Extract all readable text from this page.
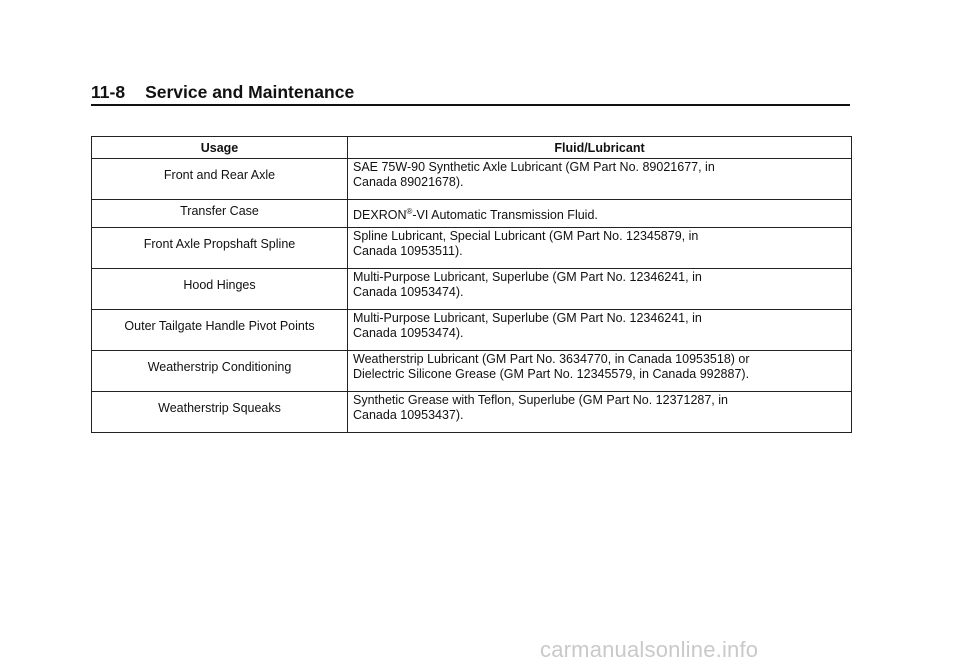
11-8 Service and Maintenance
Usage	Fluid/Lubricant
Front and Rear Axle	SAE 75W-90 Synthetic Axle Lubricant (GM Part No. 89021677, in
Canada 89021678).

Transfer Case	DEXRON®-VI Automatic Transmission Fluid.
Front Axle Propshaft Spline	Spline Lubricant, Special Lubricant (GM Part No. 12345879, in
Canada 10953511).

Hood Hinges	Multi-Purpose Lubricant, Superlube (GM Part No. 12346241, in
Canada 10953474).

Outer Tailgate Handle Pivot Points	Multi-Purpose Lubricant, Superlube (GM Part No. 12346241, in
Canada 10953474).

Weatherstrip Conditioning	Weatherstrip Lubricant (GM Part No. 3634770, in Canada 10953518) or
Dielectric Silicone Grease (GM Part No. 12345579, in Canada 992887).

Weatherstrip Squeaks	Synthetic Grease with Teflon, Superlube (GM Part No. 12371287, in
Canada 10953437).
carmanualsonline.info
